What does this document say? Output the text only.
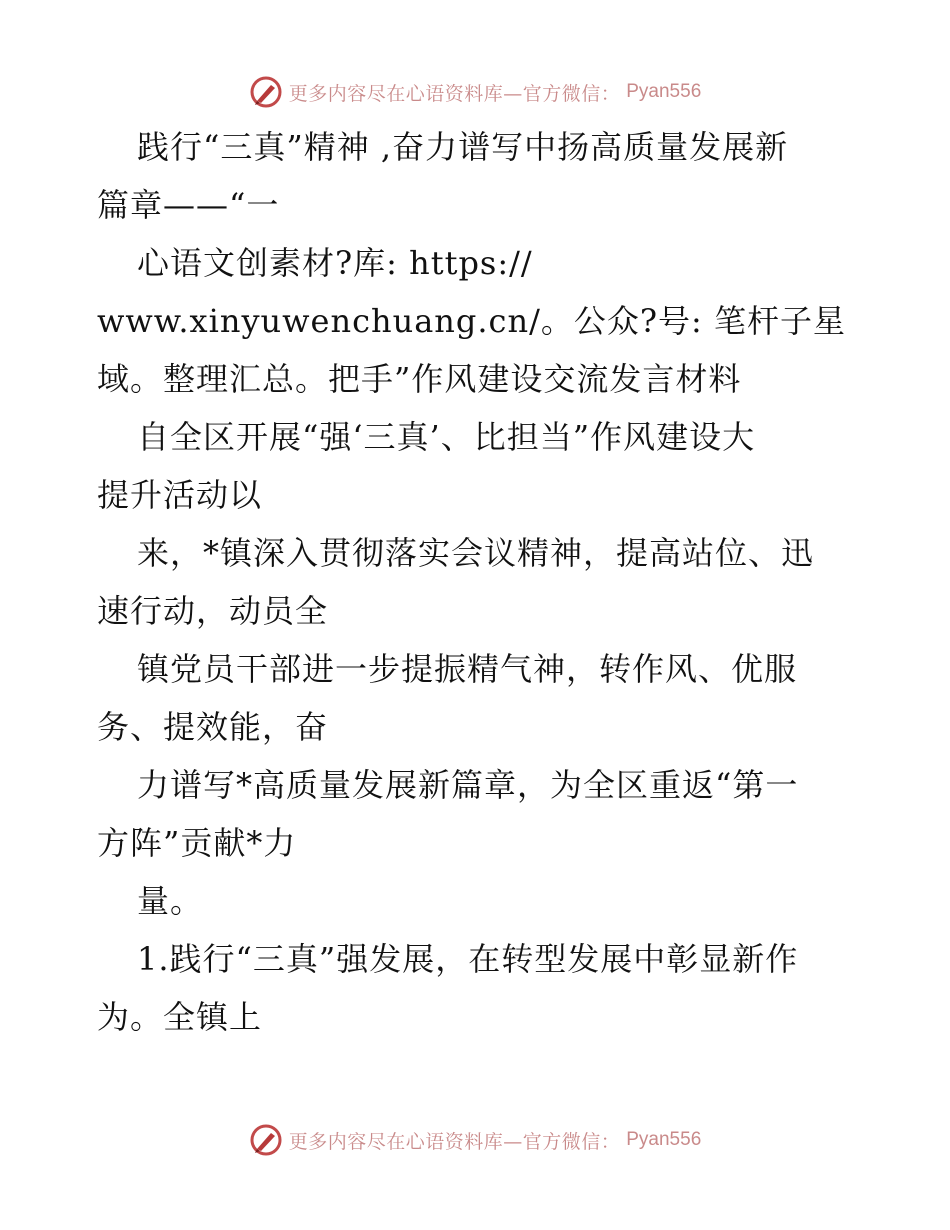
更多内容尽在心语资料库—官方微信： Pyan556
践行“三真”精神 ,奋力谱写中扬高质量发展新
篇章——“一
心语文创素材?库: https://
www.xinyuwenchuang.cn/。公众?号: 笔杆子星
域。整理汇总。把手”作风建设交流发言材料
自全区开展“强‘三真’、比担当”作风建设大
提升活动以
来，*镇深入贯彻落实会议精神，提高站位、迅
速行动，动员全
镇党员干部进一步提振精气神，转作风、优服
务、提效能，奋
力谱写*高质量发展新篇章，为全区重返“第一
方阵”贡献*力
量。
1.践行“三真”强发展，在转型发展中彰显新作
为。全镇上
更多内容尽在心语资料库—官方微信： Pyan556
